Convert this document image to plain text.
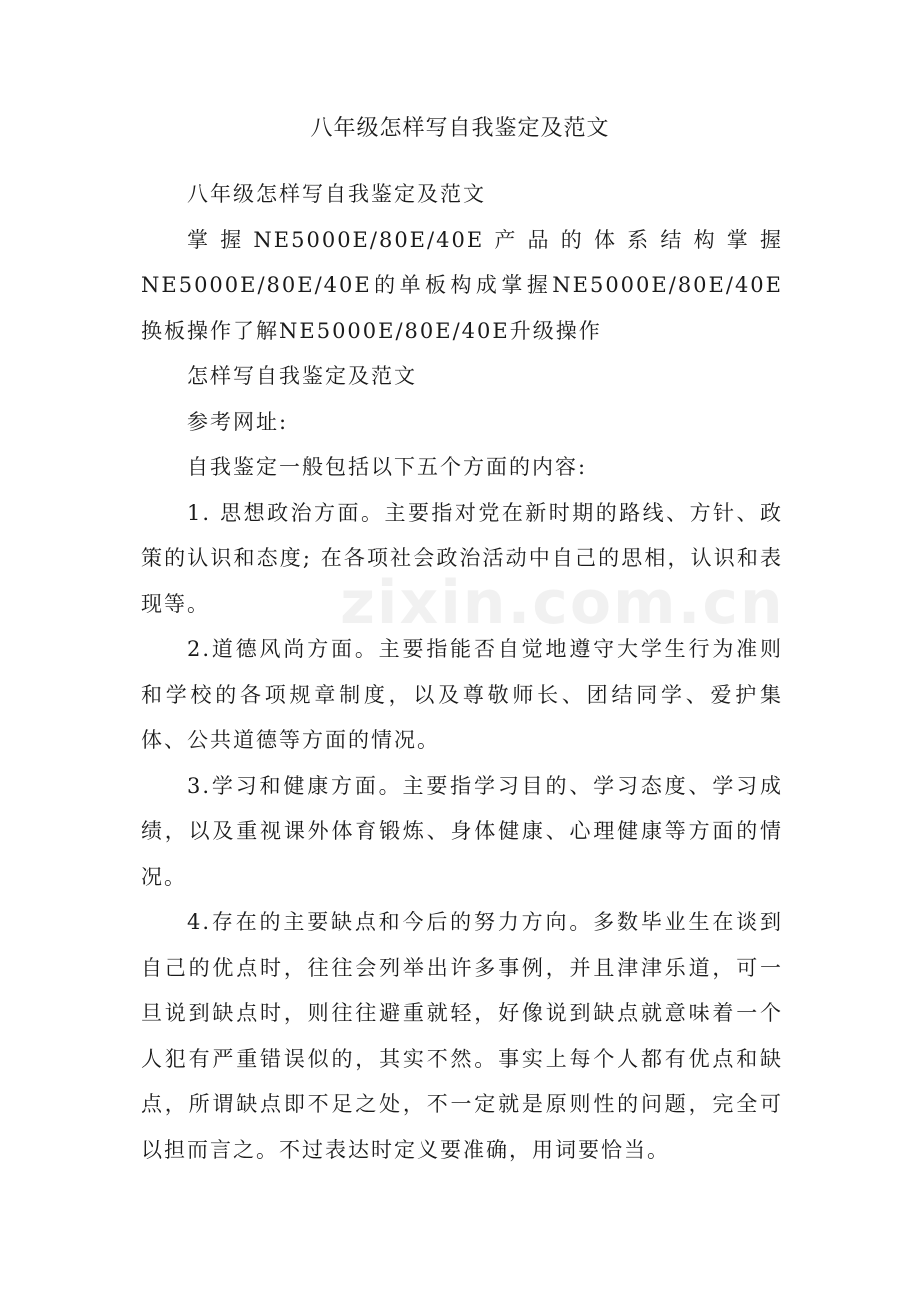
八年级怎样写自我鉴定及范文

八年级怎样写自我鉴定及范文

掌握NE5000E/80E/40E产品的体系结构掌握NE5000E/80E/40E的单板构成掌握NE5000E/80E/40E换板操作了解NE5000E/80E/40E升级操作

怎样写自我鉴定及范文

参考网址:

自我鉴定一般包括以下五个方面的内容:

1. 思想政治方面。主要指对党在新时期的路线、方针、政策的认识和态度; 在各项社会政治活动中自己的思相，认识和表现等。

2.道德风尚方面。主要指能否自觉地遵守大学生行为准则和学校的各项规章制度，以及尊敬师长、团结同学、爱护集体、公共道德等方面的情况。

3.学习和健康方面。主要指学习目的、学习态度、学习成绩，以及重视课外体育锻炼、身体健康、心理健康等方面的情况。

4.存在的主要缺点和今后的努力方向。多数毕业生在谈到自己的优点时，往往会列举出许多事例，并且津津乐道，可一旦说到缺点时，则往往避重就轻，好像说到缺点就意味着一个人犯有严重错误似的，其实不然。事实上每个人都有优点和缺点，所谓缺点即不足之处，不一定就是原则性的问题，完全可以担而言之。不过表达时定义要准确，用词要恰当。

zixin.com.cn
